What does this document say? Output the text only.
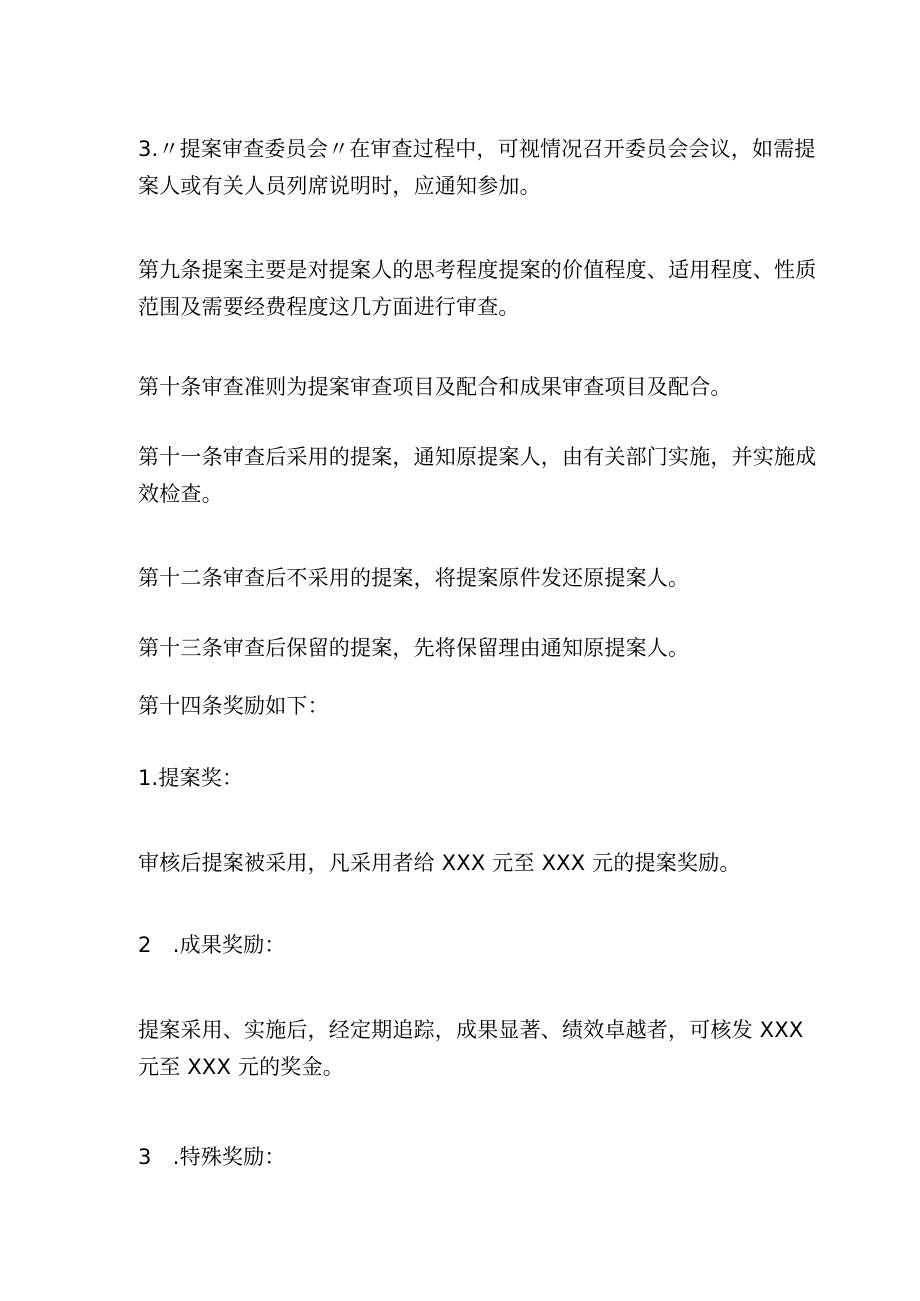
3.〃提案审查委员会〃在审查过程中，可视情况召开委员会会议，如需提
案人或有关人员列席说明时，应通知参加。

第九条提案主要是对提案人的思考程度提案的价值程度、适用程度、性质
范围及需要经费程度这几方面进行审查。

第十条审查准则为提案审查项目及配合和成果审查项目及配合。

第十一条审查后采用的提案，通知原提案人，由有关部门实施，并实施成
效检查。

第十二条审查后不采用的提案，将提案原件发还原提案人。

第十三条审查后保留的提案，先将保留理由通知原提案人。

第十四条奖励如下：

1.提案奖：

审核后提案被采用，凡采用者给 XXX 元至 XXX 元的提案奖励。

2　.成果奖励：

提案采用、实施后，经定期追踪，成果显著、绩效卓越者，可核发 XXX
元至 XXX 元的奖金。

3　.特殊奖励：
